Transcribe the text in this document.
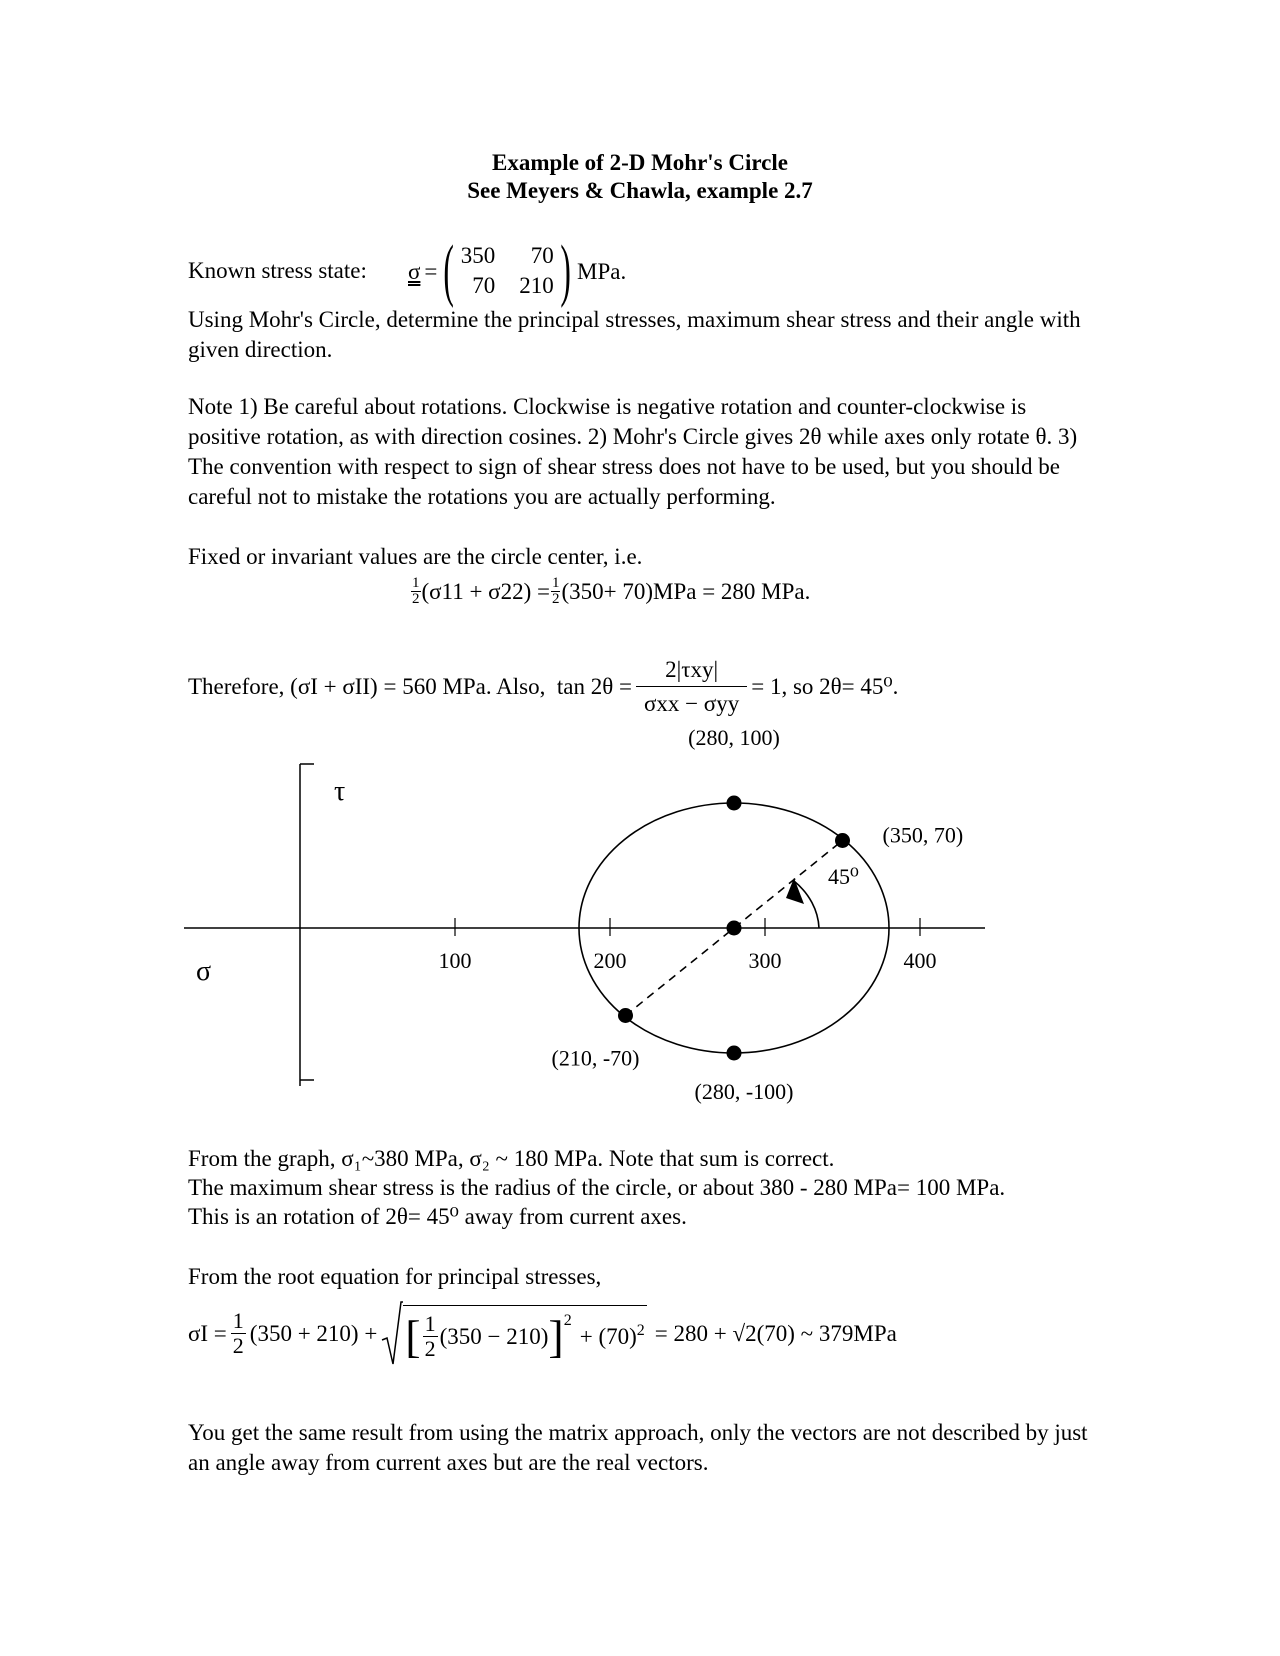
Example of 2-D Mohr's Circle
See Meyers & Chawla, example 2.7
Known stress state: σ = ( 350	70
70 210 ) MPa .
Using Mohr's Circle, determine the principal stresses, maximum shear stress and their angle with given direction.
Note 1) Be careful about rotations. Clockwise is negative rotation and counter-clockwise is positive rotation, as with direction cosines. 2) Mohr's Circle gives 2θ while axes only rotate θ. 3) The convention with respect to sign of shear stress does not have to be used, but you should be careful not to mistake the rotations you are actually performing.
Fixed or invariant values are the circle center, i.e.
$\frac{1}{2} (\sigma 11 + \sigma 22) = \frac{1}{2} (350+ 70)MPa = 280$ MPa.
Therefore,
(σI + σII) = 560 MPa . Also,
$\tan 2\theta = \frac{\text{2|τxy|}}{\text{σxx − σyy}} = 1$, so 2θ= 45⁰.
σ
τ
100	200	300	400
(280, 100)
(350, 70)
(210, -70)
(280, -100)
45⁰
From the graph, σ₁~380 MPa, σ₂ ~ 180 MPa. Note that sum is correct.
The maximum shear stress is the radius of the circle, or about 380 - 280 MPa= 100 MPa.
This is an rotation of 2θ= 45⁰ away from current axes.
From the root equation for principal stresses,
$\sigma I = \frac{1}{2} (350 + 210)$ + [ $\frac{1}{2} (350 - 210)$ ] 2
+ (70) 2 = 280 + √2(70) ~ 379MPa
You get the same result from using the matrix approach, only the vectors are not described by just an angle away from current axes but are the real vectors.
